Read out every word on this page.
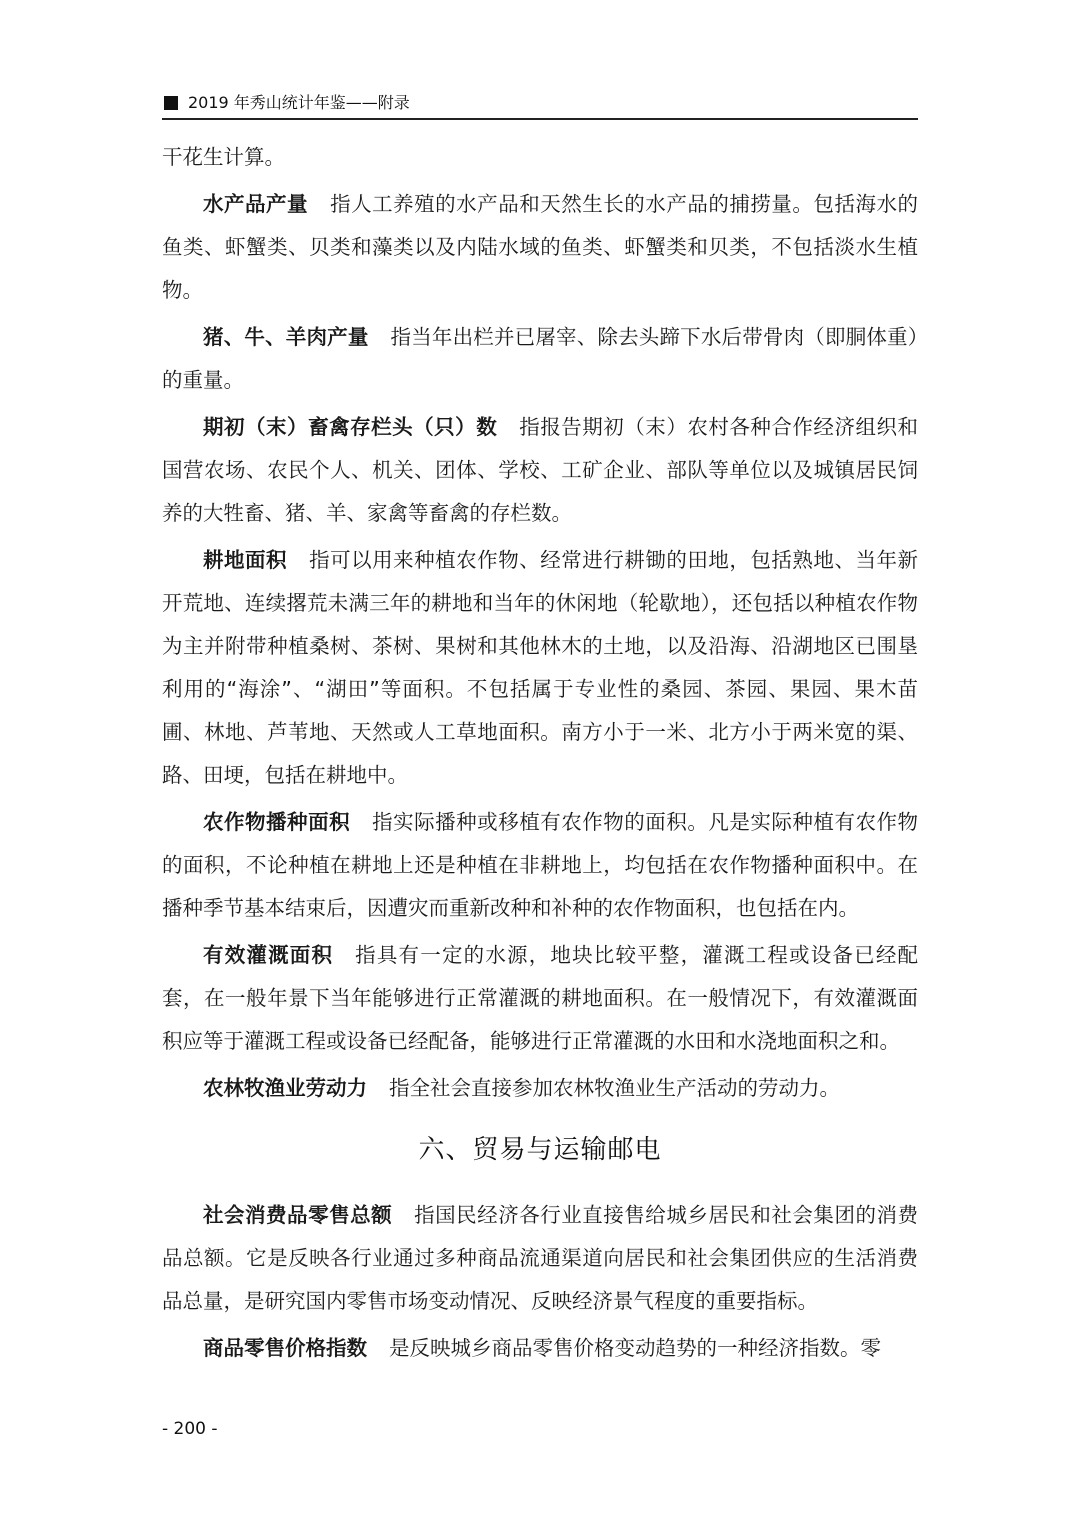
2019 年秀山统计年鉴——附录

干花生计算。

水产品产量 指人工养殖的水产品和天然生长的水产品的捕捞量。包括海水的鱼类、虾蟹类、贝类和藻类以及内陆水域的鱼类、虾蟹类和贝类，不包括淡水生植物。

猪、牛、羊肉产量 指当年出栏并已屠宰、除去头蹄下水后带骨肉（即胴体重）的重量。

期初（末）畜禽存栏头（只）数 指报告期初（末）农村各种合作经济组织和国营农场、农民个人、机关、团体、学校、工矿企业、部队等单位以及城镇居民饲养的大牲畜、猪、羊、家禽等畜禽的存栏数。

耕地面积 指可以用来种植农作物、经常进行耕锄的田地，包括熟地、当年新开荒地、连续撂荒未满三年的耕地和当年的休闲地（轮歇地），还包括以种植农作物为主并附带种植桑树、茶树、果树和其他林木的土地，以及沿海、沿湖地区已围垦利用的“海涂”、“湖田”等面积。不包括属于专业性的桑园、茶园、果园、果木苗圃、林地、芦苇地、天然或人工草地面积。南方小于一米、北方小于两米宽的渠、路、田埂，包括在耕地中。

农作物播种面积 指实际播种或移植有农作物的面积。凡是实际种植有农作物的面积，不论种植在耕地上还是种植在非耕地上，均包括在农作物播种面积中。在播种季节基本结束后，因遭灾而重新改种和补种的农作物面积，也包括在内。

有效灌溉面积 指具有一定的水源，地块比较平整，灌溉工程或设备已经配套，在一般年景下当年能够进行正常灌溉的耕地面积。在一般情况下，有效灌溉面积应等于灌溉工程或设备已经配备，能够进行正常灌溉的水田和水浇地面积之和。

农林牧渔业劳动力 指全社会直接参加农林牧渔业生产活动的劳动力。

六、贸易与运输邮电

社会消费品零售总额 指国民经济各行业直接售给城乡居民和社会集团的消费品总额。它是反映各行业通过多种商品流通渠道向居民和社会集团供应的生活消费品总量，是研究国内零售市场变动情况、反映经济景气程度的重要指标。

商品零售价格指数 是反映城乡商品零售价格变动趋势的一种经济指数。零

- 200 -
